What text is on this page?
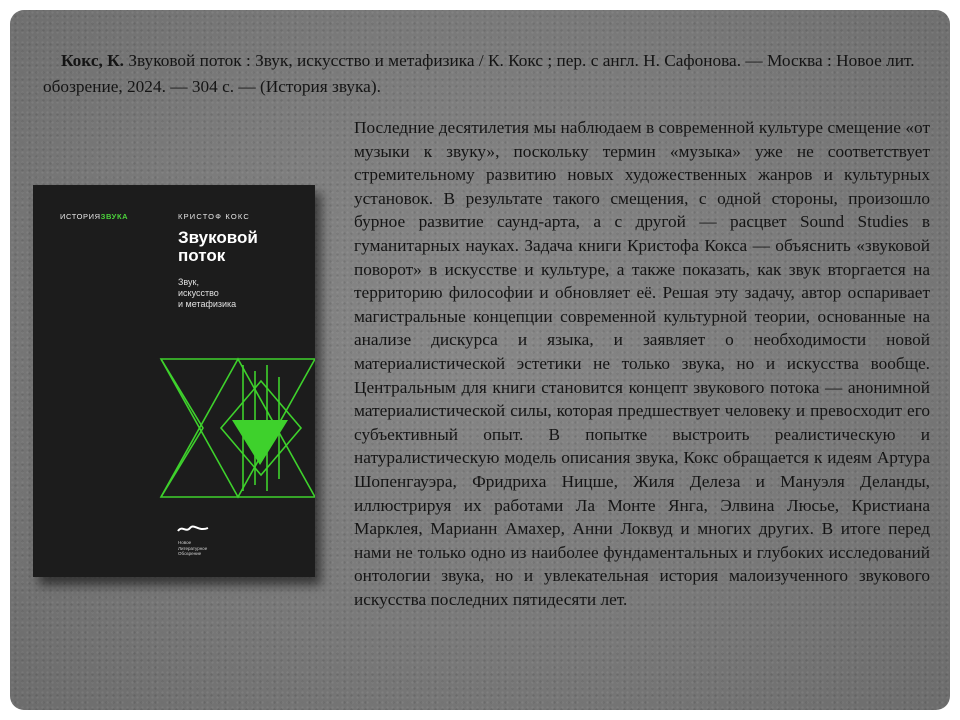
Кокс, К. Звуковой поток : Звук, искусство и метафизика / К. Кокс ; пер. с англ. Н. Сафонова. — Москва : Новое лит. обозрение, 2024. — 304 с. — (История звука).

ИСТОРИЯЗВУКА	КРИСТОФ КОКС
Звуковой
поток
Звук,
искусство
и метафизика
Новое
Литературное
Обозрение

Последние десятилетия мы наблюдаем в современной культуре смещение «от музыки к звуку», поскольку термин «музыка» уже не соответствует стремительному развитию новых художественных жанров и культурных установок. В результате такого смещения, с одной стороны, произошло бурное развитие саунд-арта, а с другой — расцвет Sound Studies в гуманитарных науках. Задача книги Кристофа Кокса — объяснить «звуковой поворот» в искусстве и культуре, а также показать, как звук вторгается на территорию философии и обновляет её. Решая эту задачу, автор оспаривает магистральные концепции современной культурной теории, основанные на анализе дискурса и языка, и заявляет о необходимости новой материалистической эстетики не только звука, но и искусства вообще. Центральным для книги становится концепт звукового потока — анонимной материалистической силы, которая предшествует человеку и превосходит его субъективный опыт. В попытке выстроить реалистическую и натуралистическую модель описания звука, Кокс обращается к идеям Артура Шопенгауэра, Фридриха Ницше, Жиля Делеза и Мануэля Деланды, иллюстрируя их работами Ла Монте Янга, Элвина Люсье, Кристиана Марклея, Марианн Амахер, Анни Локвуд и многих других. В итоге перед нами не только одно из наиболее фундаментальных и глубоких исследований онтологии звука, но и увлекательная история малоизученного звукового искусства последних пятидесяти лет.
